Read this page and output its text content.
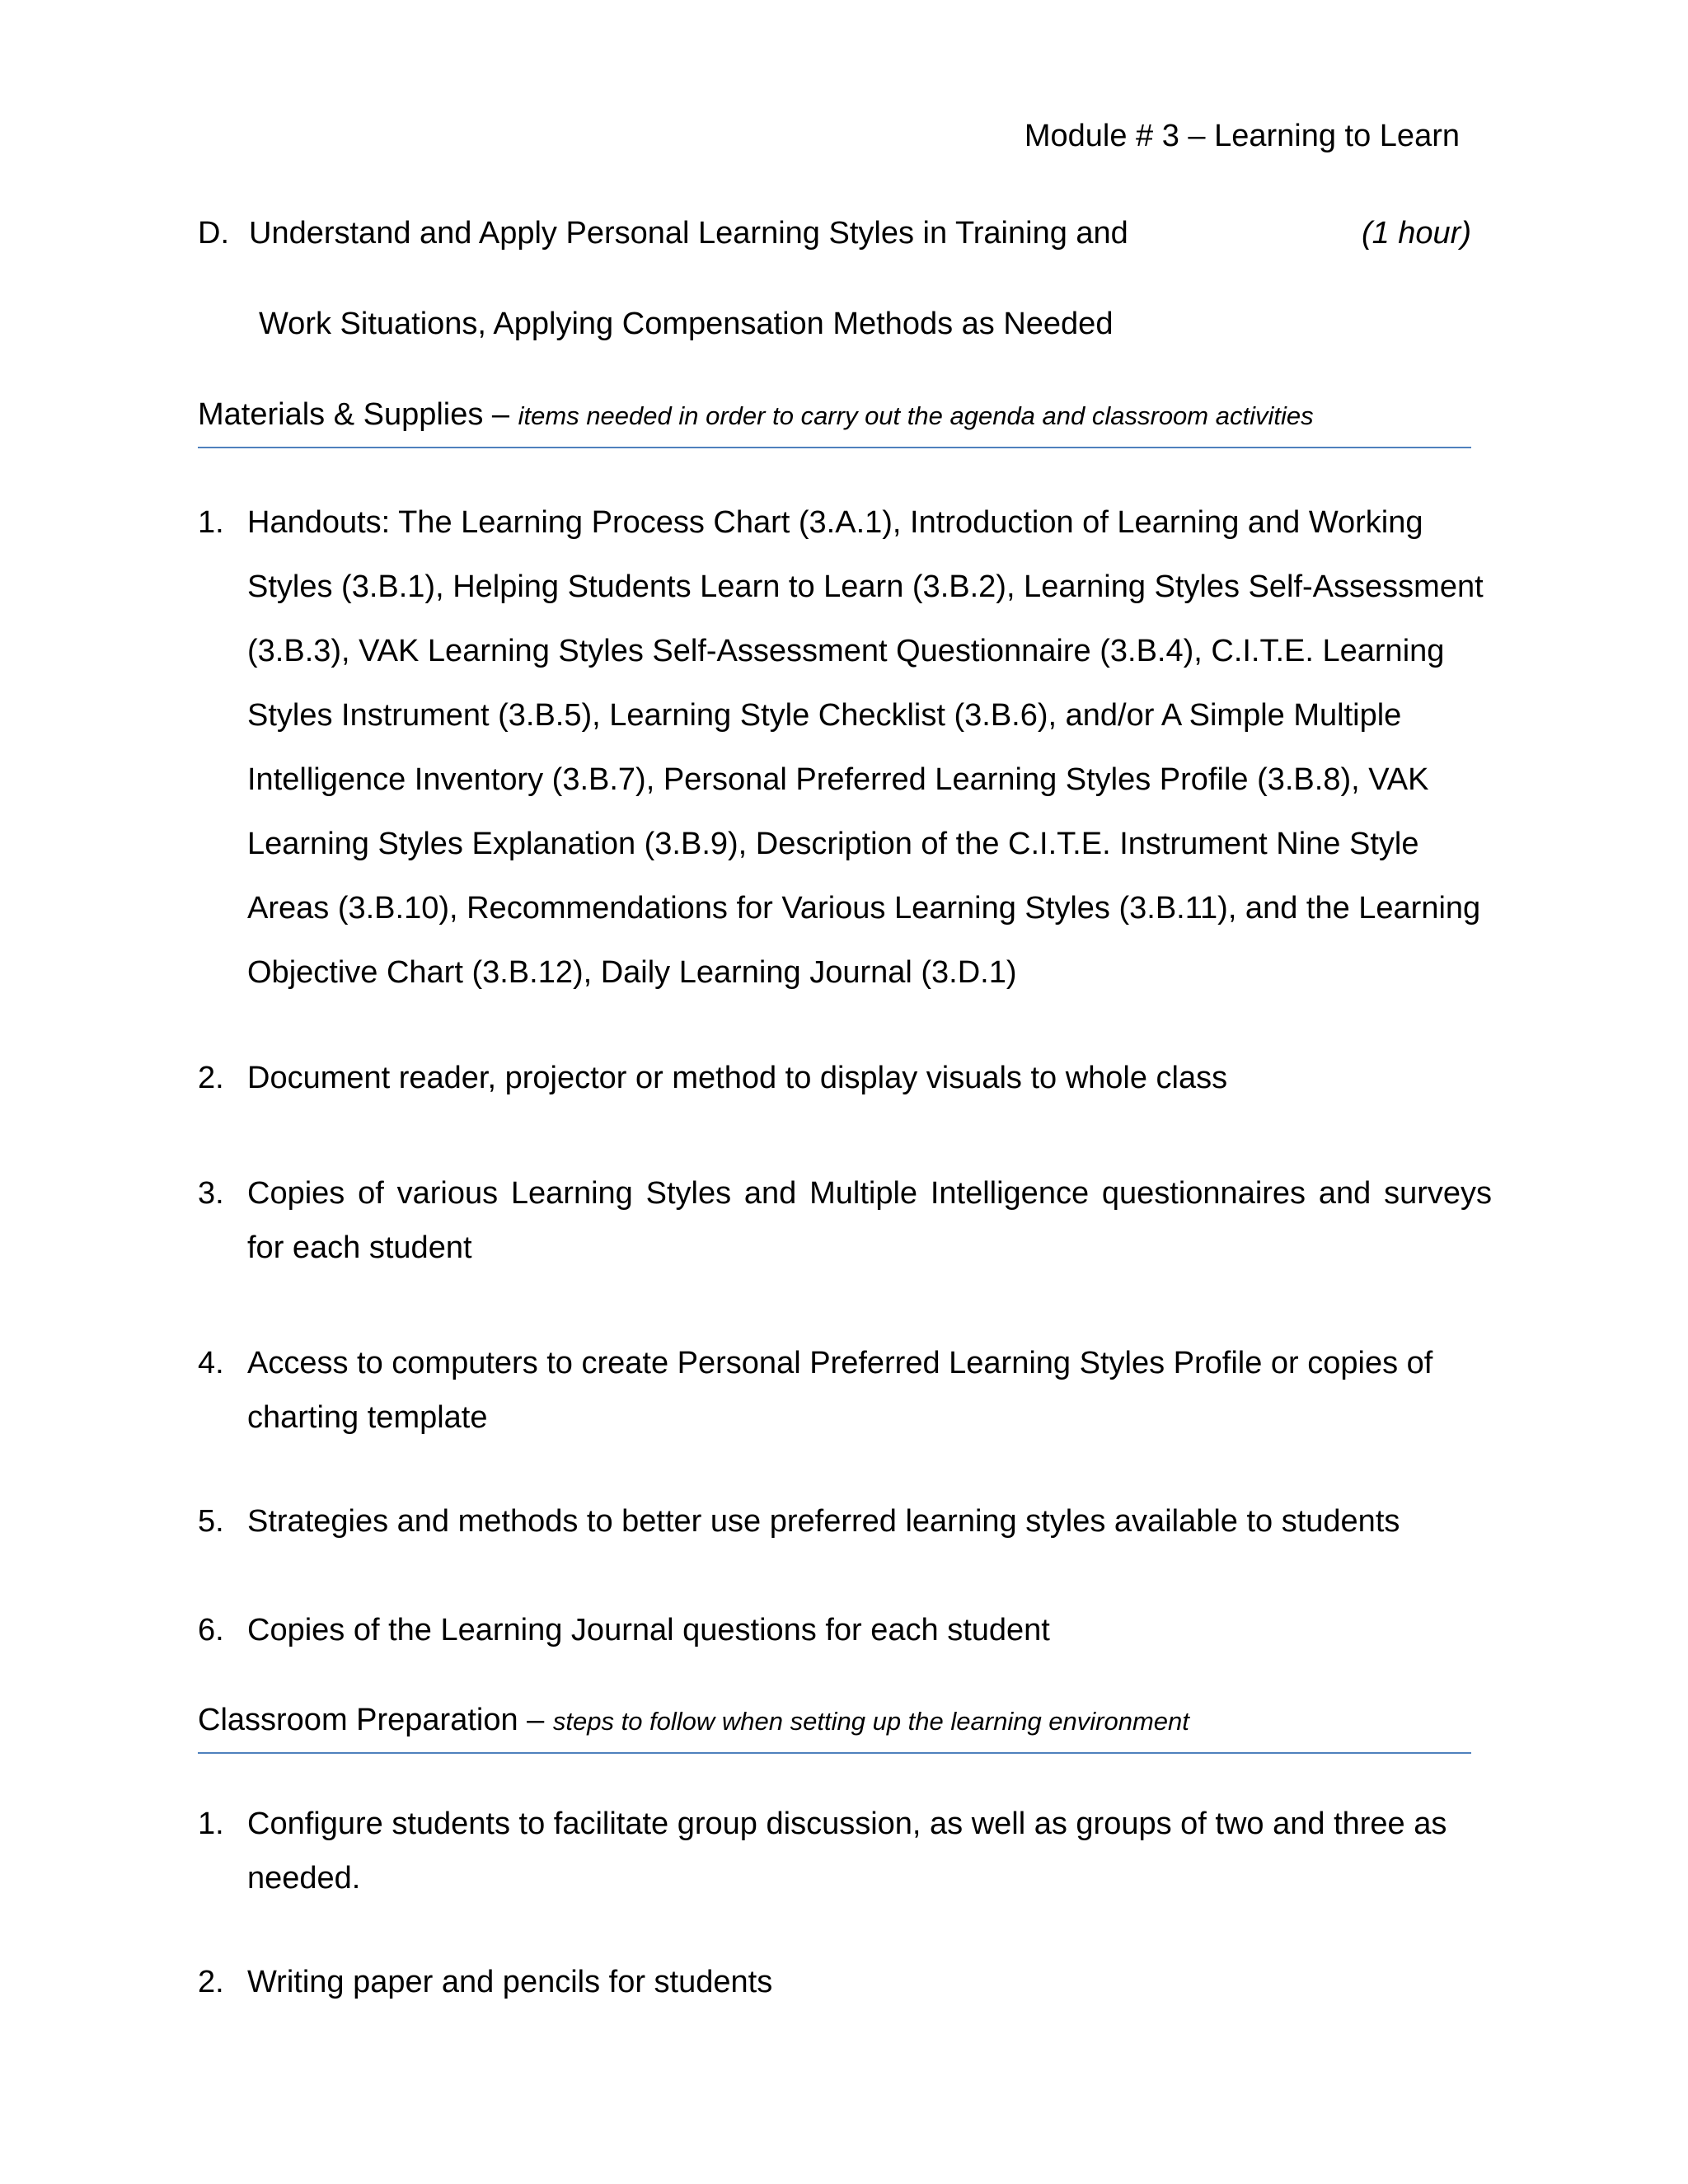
Module # 3 – Learning to Learn
D. Understand and Apply Personal Learning Styles in Training and	(1 hour)
Work Situations, Applying Compensation Methods as Needed
Materials & Supplies – items needed in order to carry out the agenda and classroom activities
1. Handouts: The Learning Process Chart (3.A.1), Introduction of Learning and Working Styles (3.B.1), Helping Students Learn to Learn (3.B.2), Learning Styles Self-Assessment (3.B.3), VAK Learning Styles Self-Assessment Questionnaire (3.B.4), C.I.T.E. Learning Styles Instrument (3.B.5), Learning Style Checklist (3.B.6), and/or A Simple Multiple Intelligence Inventory (3.B.7), Personal Preferred Learning Styles Profile (3.B.8), VAK Learning Styles Explanation (3.B.9), Description of the C.I.T.E. Instrument Nine Style Areas (3.B.10), Recommendations for Various Learning Styles (3.B.11), and the Learning Objective Chart (3.B.12), Daily Learning Journal (3.D.1)
2. Document reader, projector or method to display visuals to whole class
3. Copies of various Learning Styles and Multiple Intelligence questionnaires and surveys for each student
4. Access to computers to create Personal Preferred Learning Styles Profile or copies of charting template
5. Strategies and methods to better use preferred learning styles available to students
6. Copies of the Learning Journal questions for each student
Classroom Preparation – steps to follow when setting up the learning environment
1. Configure students to facilitate group discussion, as well as groups of two and three as needed.
2. Writing paper and pencils for students
